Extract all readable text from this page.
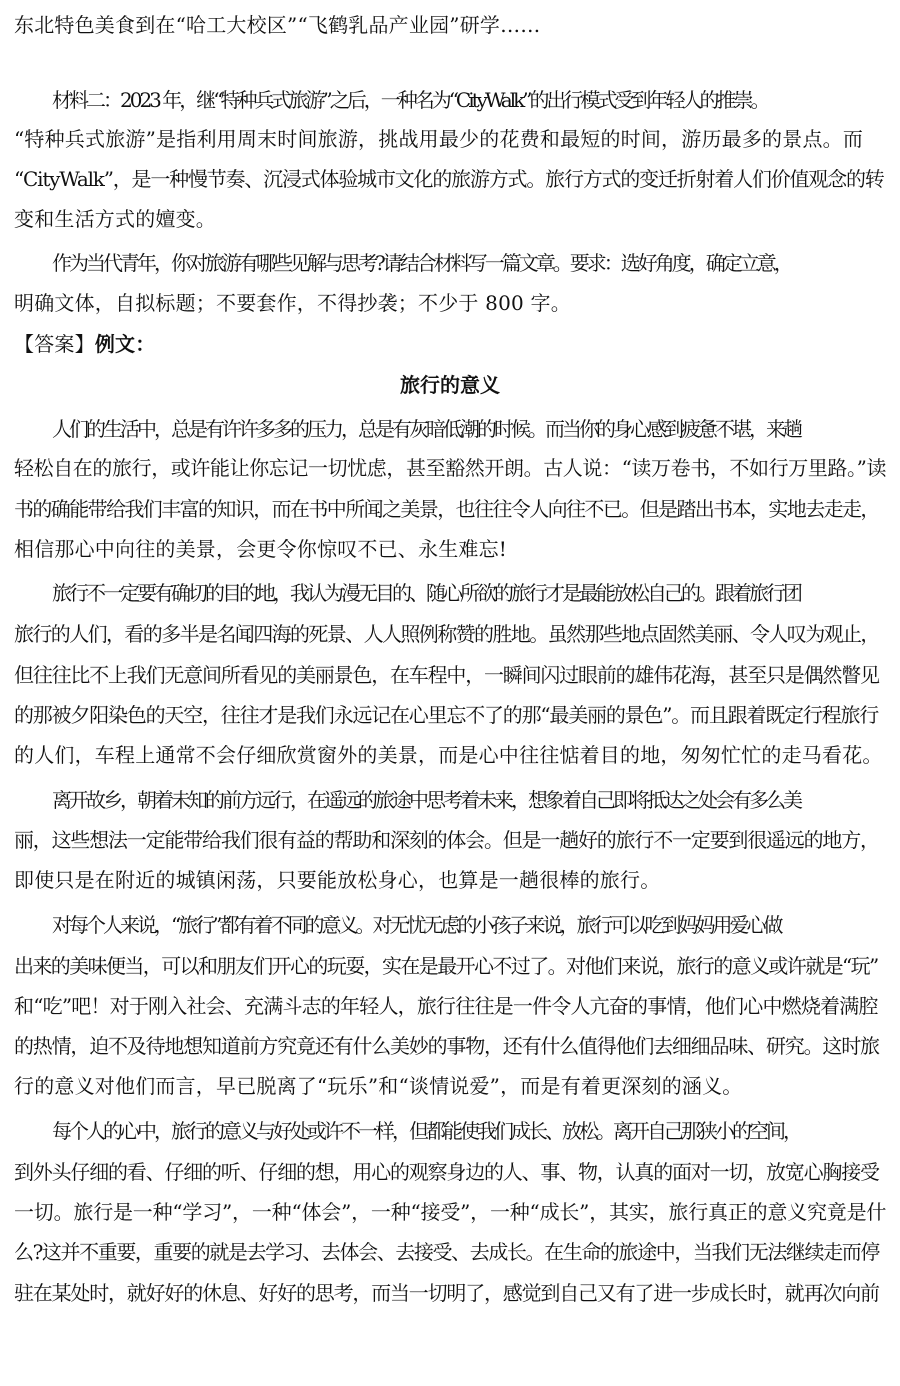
东北特色美食到在“哈工大校区”“飞鹤乳品产业园”研学……
材料二：2023 年，继“特种兵式旅游”之后，一种名为“CityWalk”的出行模式受到年轻人的推崇。
“特种兵式旅游”是指利用周末时间旅游，挑战用最少的花费和最短的时间，游历最多的景点。而
“CityWalk”，是一种慢节奏、沉浸式体验城市文化的旅游方式。旅行方式的变迁折射着人们价值观念的转
变和生活方式的嬗变。
作为当代青年，你对旅游有哪些见解与思考?请结合材料写一篇文章。要求：选好角度，确定立意，
明确文体，自拟标题；不要套作，不得抄袭；不少于 800 字。
【答案】例文：
旅行的意义
人们的生活中，总是有许许多多的压力，总是有灰暗低潮的时候。而当你的身心感到疲惫不堪，来趟
轻松自在的旅行，或许能让你忘记一切忧虑，甚至豁然开朗。古人说：“读万卷书，不如行万里路。”读
书的确能带给我们丰富的知识，而在书中所闻之美景，也往往令人向往不已。但是踏出书本，实地去走走，
相信那心中向往的美景，会更令你惊叹不已、永生难忘!
旅行不一定要有确切的目的地，我认为漫无目的、随心所欲的旅行才是最能放松自己的。跟着旅行团
旅行的人们，看的多半是名闻四海的死景、人人照例称赞的胜地。虽然那些地点固然美丽、令人叹为观止，
但往往比不上我们无意间所看见的美丽景色，在车程中，一瞬间闪过眼前的雄伟花海，甚至只是偶然瞥见
的那被夕阳染色的天空，往往才是我们永远记在心里忘不了的那“最美丽的景色”。而且跟着既定行程旅行
的人们，车程上通常不会仔细欣赏窗外的美景，而是心中往往惦着目的地，匆匆忙忙的走马看花。
离开故乡，朝着未知的前方远行，在遥远的旅途中思考着未来，想象着自己即将抵达之处会有多么美
丽，这些想法一定能带给我们很有益的帮助和深刻的体会。但是一趟好的旅行不一定要到很遥远的地方，
即使只是在附近的城镇闲荡，只要能放松身心，也算是一趟很棒的旅行。
对每个人来说，“旅行”都有着不同的意义。对无忧无虑的小孩子来说，旅行可以吃到妈妈用爱心做
出来的美味便当，可以和朋友们开心的玩耍，实在是最开心不过了。对他们来说，旅行的意义或许就是“玩”
和“吃”吧！对于刚入社会、充满斗志的年轻人，旅行往往是一件令人亢奋的事情，他们心中燃烧着满腔
的热情，迫不及待地想知道前方究竟还有什么美妙的事物，还有什么值得他们去细细品味、研究。这时旅
行的意义对他们而言，早已脱离了“玩乐”和“谈情说爱”，而是有着更深刻的涵义。
每个人的心中，旅行的意义与好处或许不一样，但都能使我们成长、放松。离开自己那狭小的空间，
到外头仔细的看、仔细的听、仔细的想，用心的观察身边的人、事、物，认真的面对一切，放宽心胸接受
一切。旅行是一种“学习”，一种“体会”，一种“接受”，一种“成长”，其实，旅行真正的意义究竟是什
么?这并不重要，重要的就是去学习、去体会、去接受、去成长。在生命的旅途中，当我们无法继续走而停
驻在某处时，就好好的休息、好好的思考，而当一切明了，感觉到自己又有了进一步成长时，就再次向前
